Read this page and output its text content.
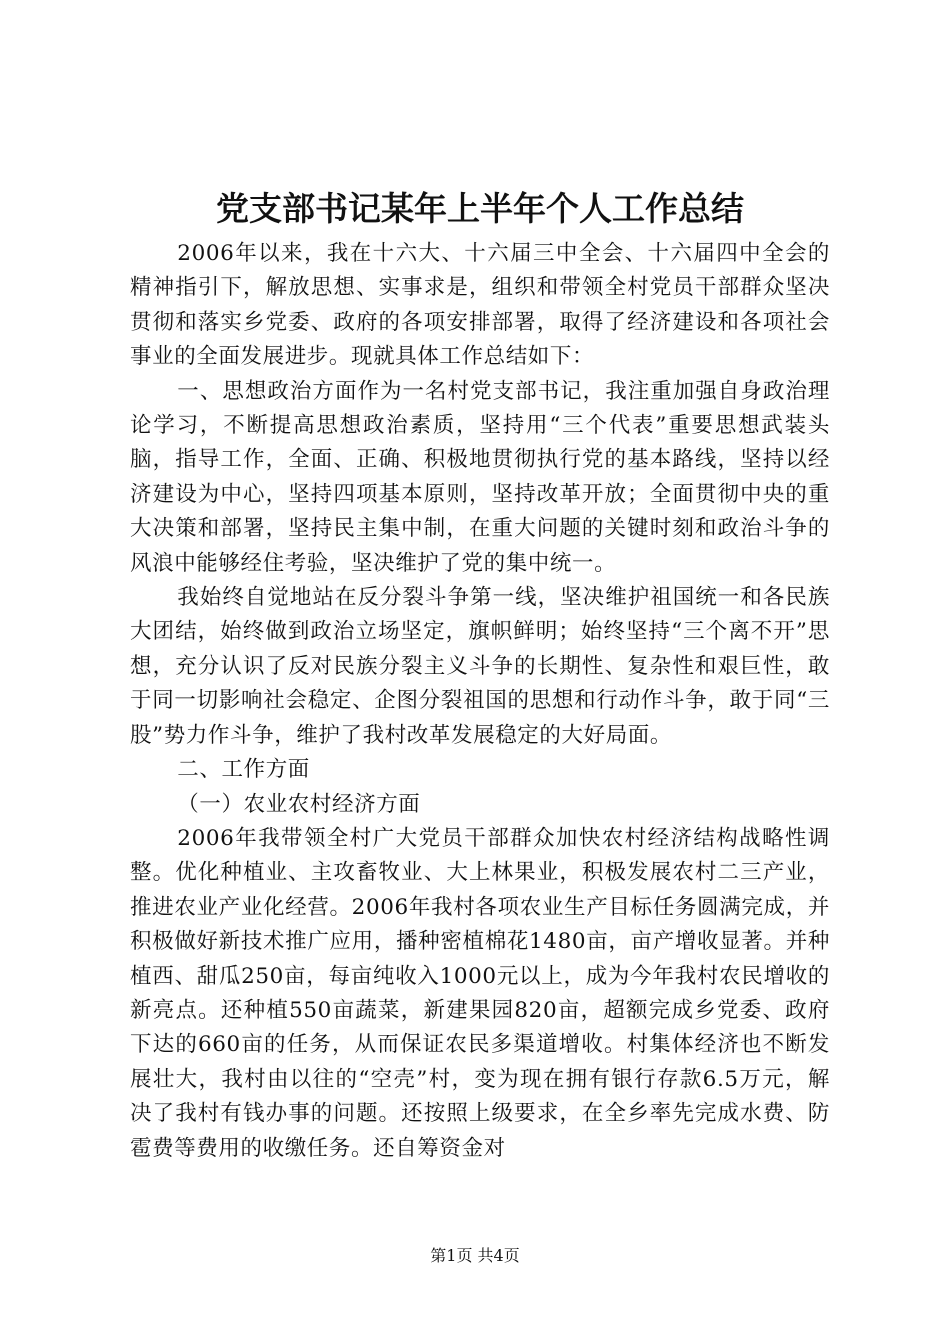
党支部书记某年上半年个人工作总结

2006年以来，我在十六大、十六届三中全会、十六届四中全会的精神指引下，解放思想、实事求是，组织和带领全村党员干部群众坚决贯彻和落实乡党委、政府的各项安排部署，取得了经济建设和各项社会事业的全面发展进步。现就具体工作总结如下：

一、思想政治方面作为一名村党支部书记，我注重加强自身政治理论学习，不断提高思想政治素质，坚持用“三个代表”重要思想武装头脑，指导工作，全面、正确、积极地贯彻执行党的基本路线，坚持以经济建设为中心，坚持四项基本原则，坚持改革开放；全面贯彻中央的重大决策和部署，坚持民主集中制，在重大问题的关键时刻和政治斗争的风浪中能够经住考验，坚决维护了党的集中统一。

我始终自觉地站在反分裂斗争第一线，坚决维护祖国统一和各民族大团结，始终做到政治立场坚定，旗帜鲜明；始终坚持“三个离不开”思想，充分认识了反对民族分裂主义斗争的长期性、复杂性和艰巨性，敢于同一切影响社会稳定、企图分裂祖国的思想和行动作斗争，敢于同“三股”势力作斗争，维护了我村改革发展稳定的大好局面。

二、工作方面

（一）农业农村经济方面

2006年我带领全村广大党员干部群众加快农村经济结构战略性调整。优化种植业、主攻畜牧业、大上林果业，积极发展农村二三产业，推进农业产业化经营。2006年我村各项农业生产目标任务圆满完成，并积极做好新技术推广应用，播种密植棉花1480亩，亩产增收显著。并种植西、甜瓜250亩，每亩纯收入1000元以上，成为今年我村农民增收的新亮点。还种植550亩蔬菜，新建果园820亩，超额完成乡党委、政府下达的660亩的任务，从而保证农民多渠道增收。村集体经济也不断发展壮大，我村由以往的“空壳”村，变为现在拥有银行存款6.5万元，解决了我村有钱办事的问题。还按照上级要求，在全乡率先完成水费、防雹费等费用的收缴任务。还自筹资金对

第1页 共4页
